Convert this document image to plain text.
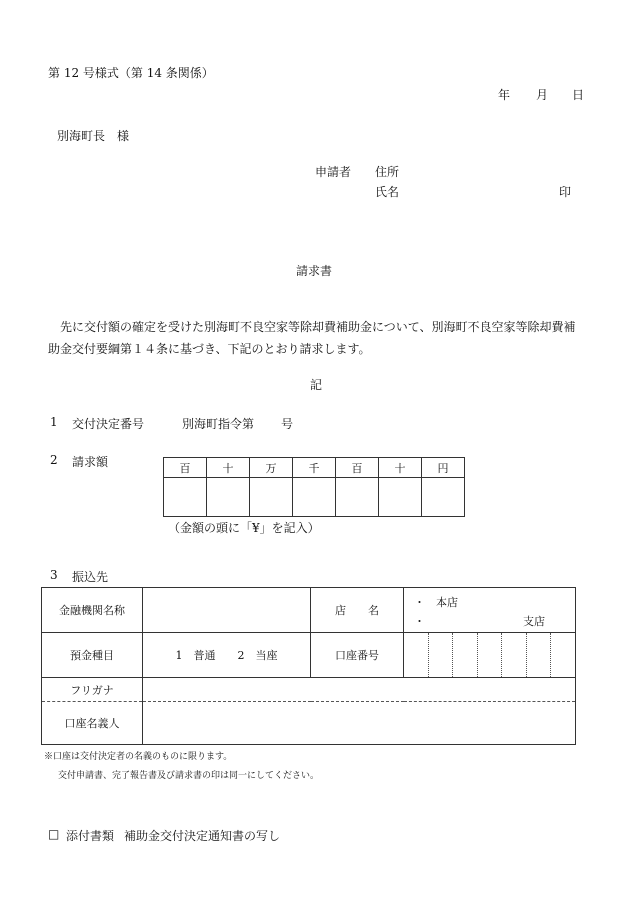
第 12 号様式（第 14 条関係）
年 月 日
別海町長　様
申請者 住所
氏名	印
請求書
先に交付額の確定を受けた別海町不良空家等除却費補助金について、別海町不良空家等除却費補
助金交付要綱第１４条に基づき、下記のとおり請求します。
記
1 交付決定番号	別海町指令第 号
2 請求額	百	十	万	千	百	十	円

（金額の頭に「¥」を記入）
3 振込先
金融機関名称		店　　名	・　本店
・ 支店

預金種目	1　普通　　2　当座	口座番号	

フリガナ			
口座名義人			
※口座は交付決定者の名義のものに限ります。
交付申請書、完了報告書及び請求書の印は同一にしてください。
□ 添付書類 補助金交付決定通知書の写し
